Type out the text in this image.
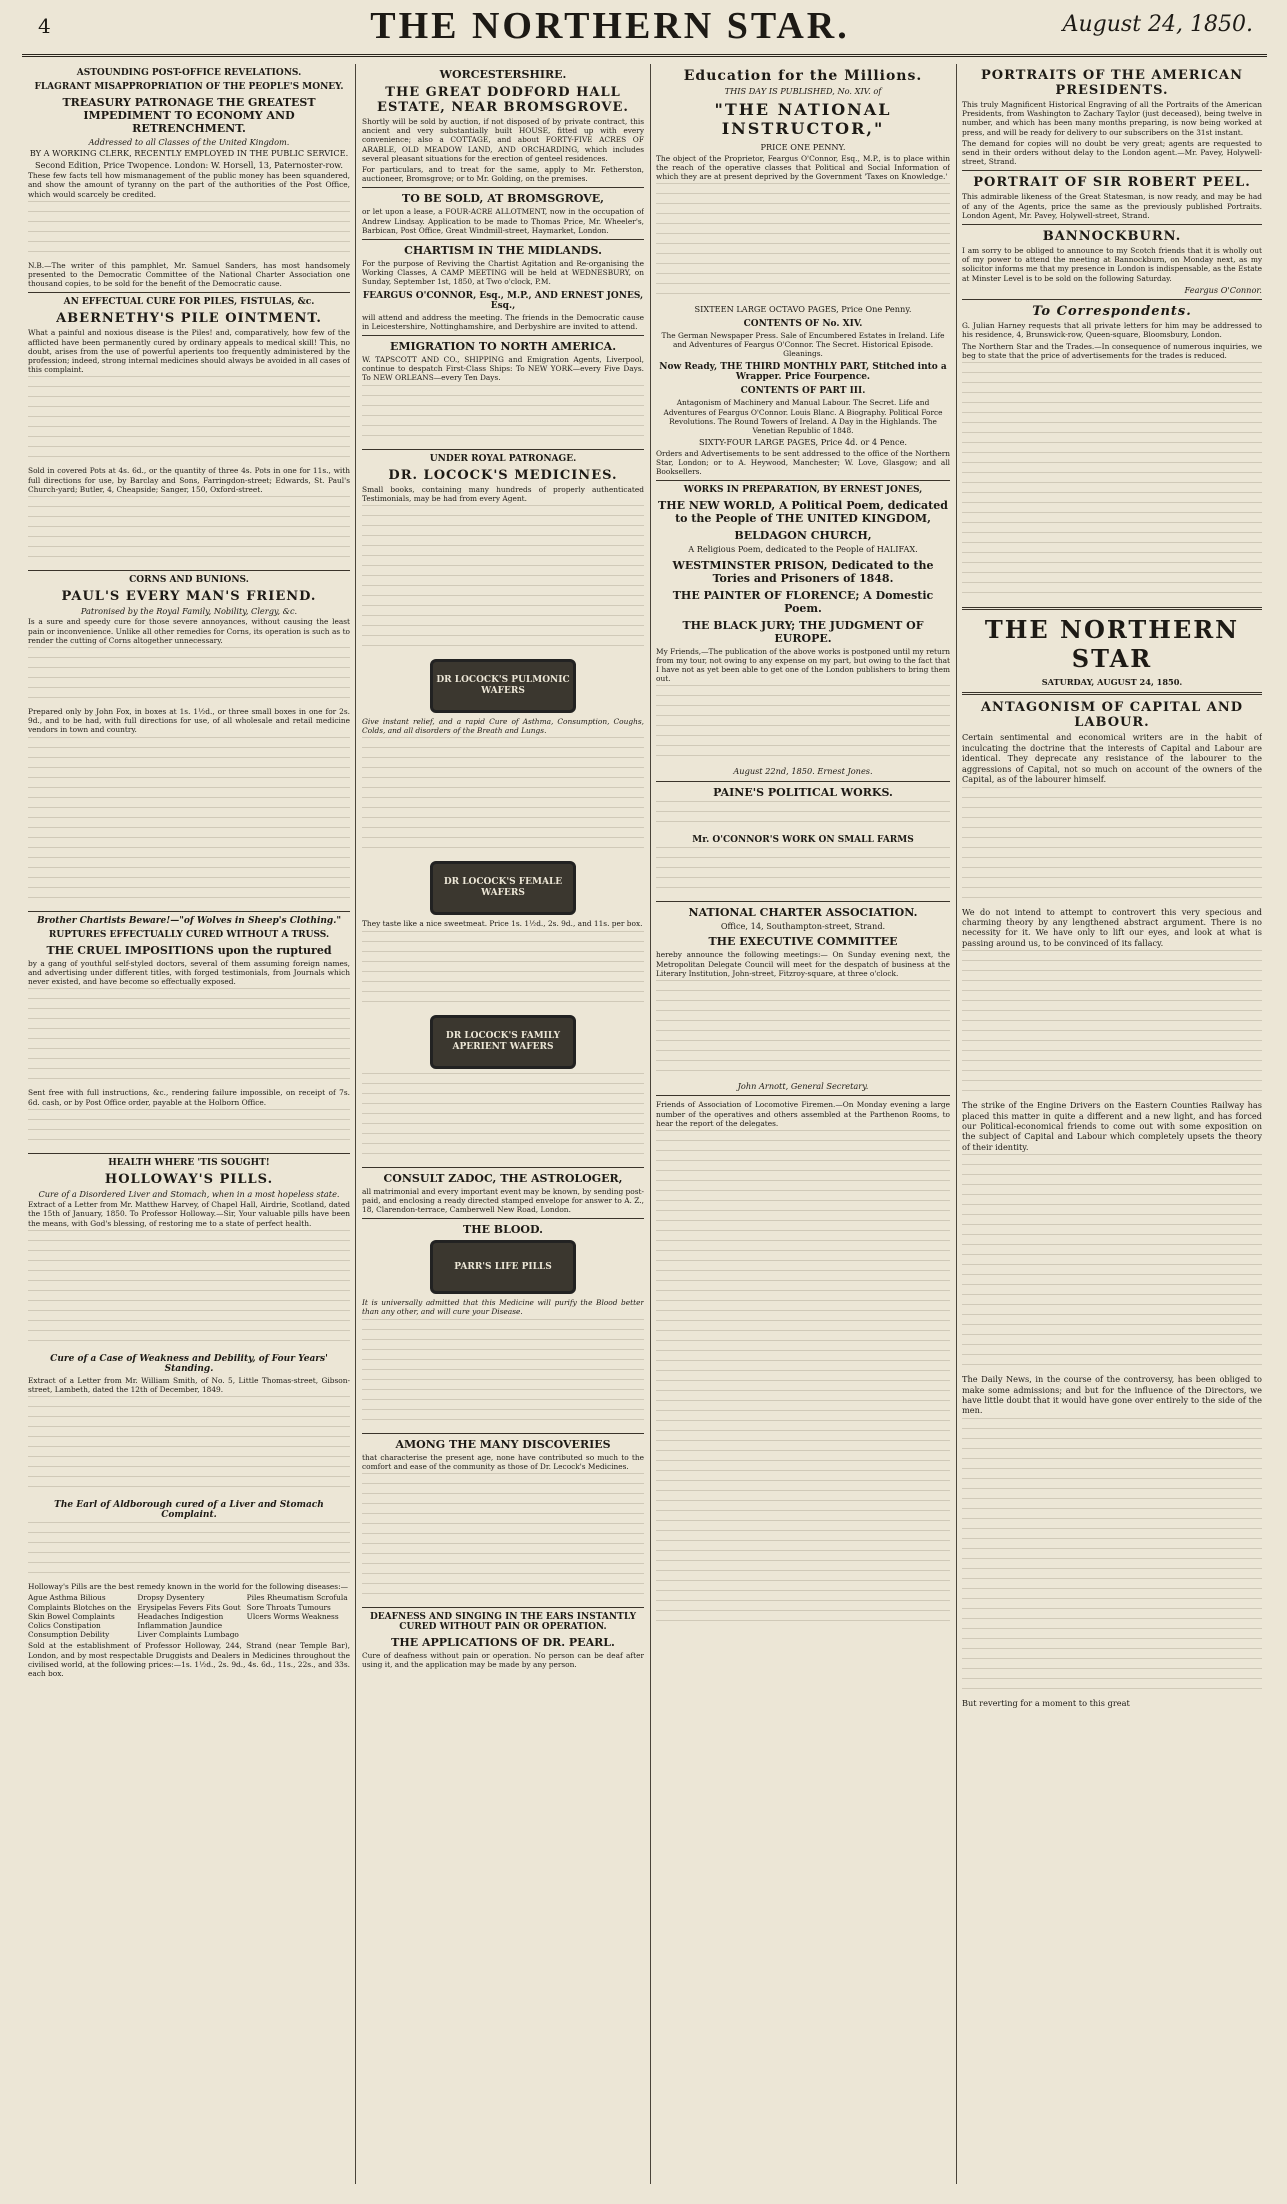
4	THE NORTHERN STAR.	August 24, 1850.
ASTOUNDING POST-OFFICE REVELATIONS.
FLAGRANT MISAPPROPRIATION OF THE PEOPLE'S MONEY.
TREASURY PATRONAGE THE GREATEST IMPEDIMENT TO ECONOMY AND RETRENCHMENT.
Addressed to all Classes of the United Kingdom.
BY A WORKING CLERK, RECENTLY EMPLOYED IN THE PUBLIC SERVICE.
Second Edition, Price Twopence. London: W. Horsell, 13, Paternoster-row.

These few facts tell how mismanagement of the public money has been squandered, and show the amount of tyranny on the part of the authorities of the Post Office, which would scarcely be credited.

N.B.—The writer of this pamphlet, Mr. Samuel Sanders, has most handsomely presented to the Democratic Committee of the National Charter Association one thousand copies, to be sold for the benefit of the Democratic cause.

AN EFFECTUAL CURE FOR PILES, FISTULAS, &c.
ABERNETHY'S PILE OINTMENT.

What a painful and noxious disease is the Piles! and, comparatively, how few of the afflicted have been permanently cured by ordinary appeals to medical skill! This, no doubt, arises from the use of powerful aperients too frequently administered by the profession; indeed, strong internal medicines should always be avoided in all cases of this complaint.

Sold in covered Pots at 4s. 6d., or the quantity of three 4s. Pots in one for 11s., with full directions for use, by Barclay and Sons, Farringdon-street; Edwards, St. Paul's Church-yard; Butler, 4, Cheapside; Sanger, 150, Oxford-street.

CORNS AND BUNIONS.
PAUL'S EVERY MAN'S FRIEND.
Patronised by the Royal Family, Nobility, Clergy, &c.

Is a sure and speedy cure for those severe annoyances, without causing the least pain or inconvenience. Unlike all other remedies for Corns, its operation is such as to render the cutting of Corns altogether unnecessary.

Prepared only by John Fox, in boxes at 1s. 1½d., or three small boxes in one for 2s. 9d., and to be had, with full directions for use, of all wholesale and retail medicine vendors in town and country.

Brother Chartists Beware!—"of Wolves in Sheep's Clothing."
RUPTURES EFFECTUALLY CURED WITHOUT A TRUSS.
THE CRUEL IMPOSITIONS upon the ruptured

by a gang of youthful self-styled doctors, several of them assuming foreign names, and advertising under different titles, with forged testimonials, from Journals which never existed, and have become so effectually exposed.

Sent free with full instructions, &c., rendering failure impossible, on receipt of 7s. 6d. cash, or by Post Office order, payable at the Holborn Office.

HEALTH WHERE 'TIS SOUGHT!
HOLLOWAY'S PILLS.
Cure of a Disordered Liver and Stomach, when in a most hopeless state.

Extract of a Letter from Mr. Matthew Harvey, of Chapel Hall, Airdrie, Scotland, dated the 15th of January, 1850. To Professor Holloway.—Sir, Your valuable pills have been the means, with God's blessing, of restoring me to a state of perfect health.

Cure of a Case of Weakness and Debility, of Four Years' Standing.

Extract of a Letter from Mr. William Smith, of No. 5, Little Thomas-street, Gibson-street, Lambeth, dated the 12th of December, 1849.

The Earl of Aldborough cured of a Liver and Stomach Complaint.

Holloway's Pills are the best remedy known in the world for the following diseases:—

Ague Asthma Bilious Complaints Blotches on the Skin Bowel Complaints Colics Constipation Consumption Debility Dropsy Dysentery Erysipelas Fevers Fits Gout Headaches Indigestion Inflammation Jaundice Liver Complaints Lumbago Piles Rheumatism Scrofula Sore Throats Tumours Ulcers Worms Weakness

Sold at the establishment of Professor Holloway, 244, Strand (near Temple Bar), London, and by most respectable Druggists and Dealers in Medicines throughout the civilised world, at the following prices:—1s. 1½d., 2s. 9d., 4s. 6d., 11s., 22s., and 33s. each box.

WORCESTERSHIRE.
THE GREAT DODFORD HALL ESTATE, NEAR BROMSGROVE.

Shortly will be sold by auction, if not disposed of by private contract, this ancient and very substantially built HOUSE, fitted up with every convenience; also a COTTAGE, and about FORTY-FIVE ACRES OF ARABLE, OLD MEADOW LAND, AND ORCHARDING, which includes several pleasant situations for the erection of genteel residences.

For particulars, and to treat for the same, apply to Mr. Fetherston, auctioneer, Bromsgrove; or to Mr. Golding, on the premises.

TO BE SOLD, AT BROMSGROVE,

or let upon a lease, a FOUR-ACRE ALLOTMENT, now in the occupation of Andrew Lindsay. Application to be made to Thomas Price, Mr. Wheeler's, Barbican, Post Office, Great Windmill-street, Haymarket, London.

CHARTISM IN THE MIDLANDS.

For the purpose of Reviving the Chartist Agitation and Re-organising the Working Classes, A CAMP MEETING will be held at WEDNESBURY, on Sunday, September 1st, 1850, at Two o'clock, P.M.

FEARGUS O'CONNOR, Esq., M.P., AND ERNEST JONES, Esq.,

will attend and address the meeting. The friends in the Democratic cause in Leicestershire, Nottinghamshire, and Derbyshire are invited to attend.

EMIGRATION TO NORTH AMERICA.

W. TAPSCOTT AND CO., SHIPPING and Emigration Agents, Liverpool, continue to despatch First-Class Ships: To NEW YORK—every Five Days. To NEW ORLEANS—every Ten Days.

UNDER ROYAL PATRONAGE.
DR. LOCOCK'S MEDICINES.

Small books, containing many hundreds of properly authenticated Testimonials, may be had from every Agent.

DR LOCOCK'S PULMONIC WAFERS

Give instant relief, and a rapid Cure of Asthma, Consumption, Coughs, Colds, and all disorders of the Breath and Lungs.

DR LOCOCK'S FEMALE WAFERS

They taste like a nice sweetmeat. Price 1s. 1½d., 2s. 9d., and 11s. per box.

DR LOCOCK'S FAMILY APERIENT WAFERS
CONSULT ZADOC, THE ASTROLOGER,

all matrimonial and every important event may be known, by sending post-paid, and enclosing a ready directed stamped envelope for answer to A. Z., 18, Clarendon-terrace, Camberwell New Road, London.

THE BLOOD.
PARR'S LIFE PILLS

It is universally admitted that this Medicine will purify the Blood better than any other, and will cure your Disease.

AMONG THE MANY DISCOVERIES

that characterise the present age, none have contributed so much to the comfort and ease of the community as those of Dr. Lecock's Medicines.

DEAFNESS AND SINGING IN THE EARS INSTANTLY CURED WITHOUT PAIN OR OPERATION.
THE APPLICATIONS OF DR. PEARL.

Cure of deafness without pain or operation. No person can be deaf after using it, and the application may be made by any person.

Education for the Millions.
THIS DAY IS PUBLISHED, No. XIV. of
"THE NATIONAL INSTRUCTOR,"
PRICE ONE PENNY.

The object of the Proprietor, Feargus O'Connor, Esq., M.P., is to place within the reach of the operative classes that Political and Social Information of which they are at present deprived by the Government 'Taxes on Knowledge.'

SIXTEEN LARGE OCTAVO PAGES, Price One Penny.
CONTENTS OF No. XIV.

The German Newspaper Press. Sale of Encumbered Estates in Ireland. Life and Adventures of Feargus O'Connor. The Secret. Historical Episode. Gleanings.

Now Ready, THE THIRD MONTHLY PART, Stitched into a Wrapper. Price Fourpence.
CONTENTS OF PART III.

Antagonism of Machinery and Manual Labour. The Secret. Life and Adventures of Feargus O'Connor. Louis Blanc. A Biography. Political Force Revolutions. The Round Towers of Ireland. A Day in the Highlands. The Venetian Republic of 1848.

SIXTY-FOUR LARGE PAGES, Price 4d. or 4 Pence.

Orders and Advertisements to be sent addressed to the office of the Northern Star, London; or to A. Heywood, Manchester; W. Love, Glasgow; and all Booksellers.

WORKS IN PREPARATION, BY ERNEST JONES,
THE NEW WORLD, A Political Poem, dedicated to the People of THE UNITED KINGDOM,
BELDAGON CHURCH,

A Religious Poem, dedicated to the People of HALIFAX.

WESTMINSTER PRISON, Dedicated to the Tories and Prisoners of 1848.
THE PAINTER OF FLORENCE; A Domestic Poem.
THE BLACK JURY; THE JUDGMENT OF EUROPE.

My Friends,—The publication of the above works is postponed until my return from my tour, not owing to any expense on my part, but owing to the fact that I have not as yet been able to get one of the London publishers to bring them out.

August 22nd, 1850. Ernest Jones.
PAINE'S POLITICAL WORKS.
Mr. O'CONNOR'S WORK ON SMALL FARMS
NATIONAL CHARTER ASSOCIATION.
Office, 14, Southampton-street, Strand.
THE EXECUTIVE COMMITTEE

hereby announce the following meetings:— On Sunday evening next, the Metropolitan Delegate Council will meet for the despatch of business at the Literary Institution, John-street, Fitzroy-square, at three o'clock.

John Arnott, General Secretary.

Friends of Association of Locomotive Firemen.—On Monday evening a large number of the operatives and others assembled at the Parthenon Rooms, to hear the report of the delegates.

PORTRAITS OF THE AMERICAN PRESIDENTS.

This truly Magnificent Historical Engraving of all the Portraits of the American Presidents, from Washington to Zachary Taylor (just deceased), being twelve in number, and which has been many months preparing, is now being worked at press, and will be ready for delivery to our subscribers on the 31st instant.

The demand for copies will no doubt be very great; agents are requested to send in their orders without delay to the London agent.—Mr. Pavey, Holywell-street, Strand.

PORTRAIT OF SIR ROBERT PEEL.

This admirable likeness of the Great Statesman, is now ready, and may be had of any of the Agents, price the same as the previously published Portraits. London Agent, Mr. Pavey, Holywell-street, Strand.

BANNOCKBURN.

I am sorry to be obliged to announce to my Scotch friends that it is wholly out of my power to attend the meeting at Bannockburn, on Monday next, as my solicitor informs me that my presence in London is indispensable, as the Estate at Minster Level is to be sold on the following Saturday.

Feargus O'Connor.
To Correspondents.

G. Julian Harney requests that all private letters for him may be addressed to his residence, 4, Brunswick-row, Queen-square, Bloomsbury, London.

The Northern Star and the Trades.—In consequence of numerous inquiries, we beg to state that the price of advertisements for the trades is reduced.

THE NORTHERN STAR
SATURDAY, AUGUST 24, 1850.
ANTAGONISM OF CAPITAL AND LABOUR.

Certain sentimental and economical writers are in the habit of inculcating the doctrine that the interests of Capital and Labour are identical. They deprecate any resistance of the labourer to the aggressions of Capital, not so much on account of the owners of the Capital, as of the labourer himself.

We do not intend to attempt to controvert this very specious and charming theory by any lengthened abstract argument. There is no necessity for it. We have only to lift our eyes, and look at what is passing around us, to be convinced of its fallacy.

The strike of the Engine Drivers on the Eastern Counties Railway has placed this matter in quite a different and a new light, and has forced our Political-economical friends to come out with some exposition on the subject of Capital and Labour which completely upsets the theory of their identity.

The Daily News, in the course of the controversy, has been obliged to make some admissions; and but for the influence of the Directors, we have little doubt that it would have gone over entirely to the side of the men.

But reverting for a moment to this great
